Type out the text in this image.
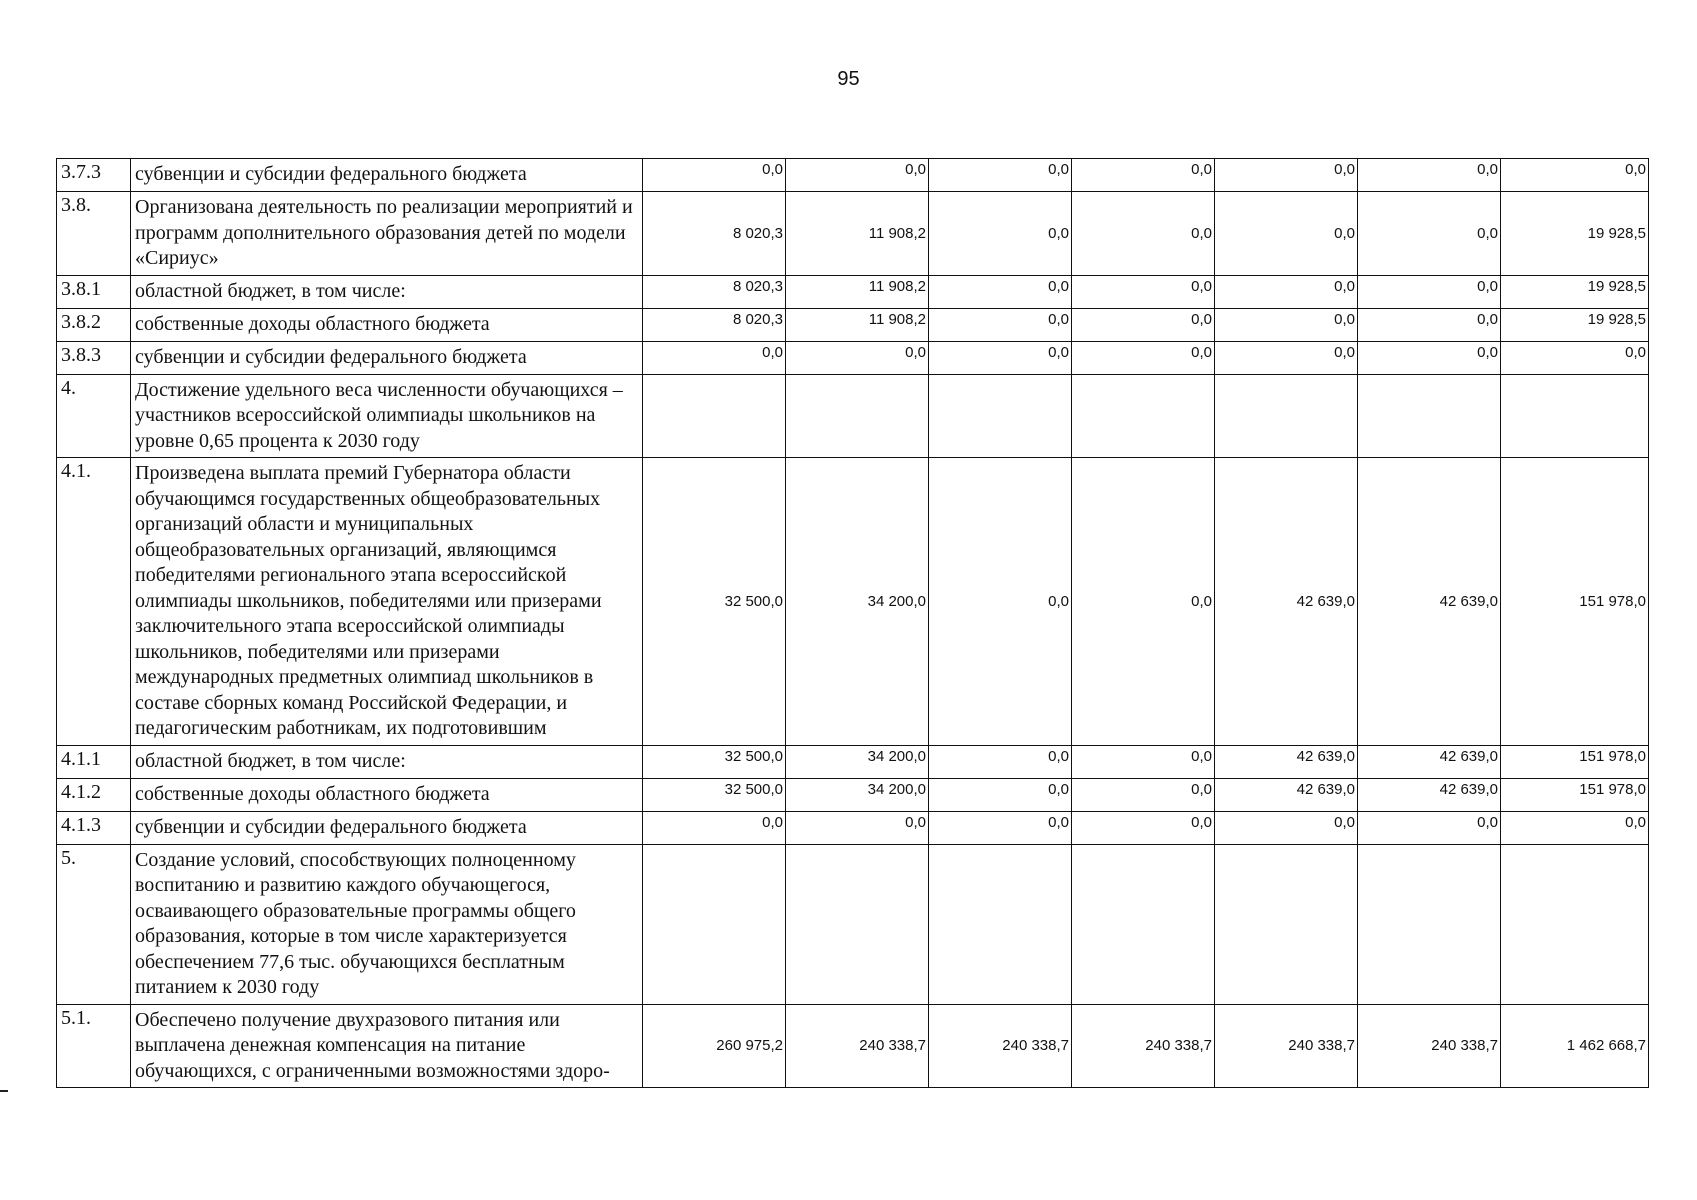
95
3.7.3	субвенции и субсидии федерального бюджета	0,0	0,0	0,0	0,0	0,0	0,0	0,0
3.8.	Организована деятельность по реализации мероприятий и программ дополнительного образования детей по модели «Сириус»	8 020,3	11 908,2	0,0	0,0	0,0	0,0	19 928,5
3.8.1	областной бюджет, в том числе:	8 020,3	11 908,2	0,0	0,0	0,0	0,0	19 928,5
3.8.2	собственные доходы областного бюджета	8 020,3	11 908,2	0,0	0,0	0,0	0,0	19 928,5
3.8.3	субвенции и субсидии федерального бюджета	0,0	0,0	0,0	0,0	0,0	0,0	0,0
4.	Достижение удельного веса численности обучающихся – участников всероссийской олимпиады школьников на уровне 0,65 процента к 2030 году							
4.1.	Произведена выплата премий Губернатора области обучающимся государственных общеобразовательных организаций области и муниципальных общеобразовательных организаций, являющимся победителями регионального этапа всероссийской олимпиады школьников, победителями или призерами заключительного этапа всероссийской олимпиады школьников, победителями или призерами международных предметных олимпиад школьников в составе сборных команд Российской Федерации, и педагогическим работникам, их подготовившим	32 500,0	34 200,0	0,0	0,0	42 639,0	42 639,0	151 978,0
4.1.1	областной бюджет, в том числе:	32 500,0	34 200,0	0,0	0,0	42 639,0	42 639,0	151 978,0
4.1.2	собственные доходы областного бюджета	32 500,0	34 200,0	0,0	0,0	42 639,0	42 639,0	151 978,0
4.1.3	субвенции и субсидии федерального бюджета	0,0	0,0	0,0	0,0	0,0	0,0	0,0
5.	Создание условий, способствующих полноценному воспитанию и развитию каждого обучающегося, осваивающего образовательные программы общего образования, которые в том числе характеризуется обеспечением 77,6 тыс. обучающихся бесплатным питанием к 2030 году							
5.1.	Обеспечено получение двухразового питания или выплачена денежная компенсация на питание обучающихся, с ограниченными возможностями здоро-	260 975,2	240 338,7	240 338,7	240 338,7	240 338,7	240 338,7	1 462 668,7
